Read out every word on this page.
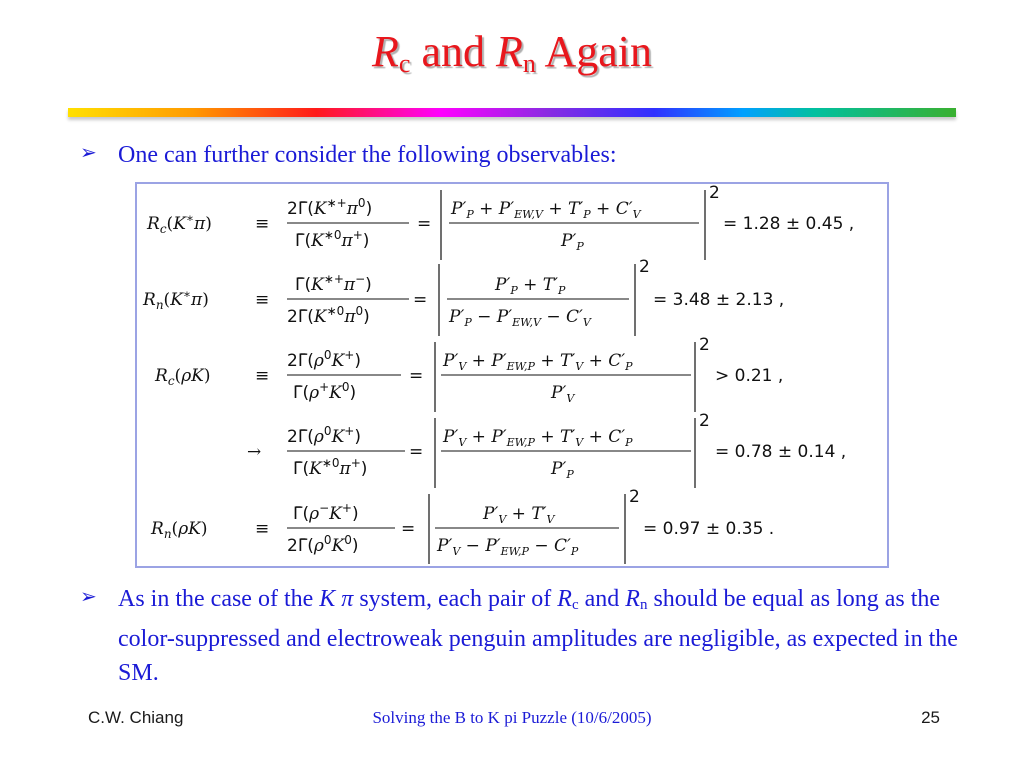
$R_c$ and $R_n$ Again
➢ One can further consider the following observables:
$R_c(K^∗\pi)$	≡
$2\Gammā(K^{∗+}\pi^0)$
$\Gammā(K^{∗0}\pi^+)$
=
$P'_P + P'_{EW,V} + T'_P + C'_V$
$P'_P$
2
= 1.28 ± 0.45 ,
$R_n(K^∗\pi)$	≡
Γ̄(K∗+π−)
$2\Gammā(K^{∗0}\pi^0)$
=
$P'_P + T'_P$
$P'_P - P'_{EW,V} - C'_V$
2
= 3.48 ± 2.13 ,
$R_c(\rho K)$	≡
$2\Gammā(\rho^0K^+)$
$\Gammā(\rho^+K^0)$
=
$P'_V + P'_{EW,P} + T'_V + C'_P$
$P'_V$
2
> 0.21 ,
→
$2\Gammā(\rho^0K^+)$
$\Gammā(K^{∗0}\pi^+)$
=
$P'_V + P'_{EW,P} + T'_V + C'_P$
$P'_P$
2
= 0.78 ± 0.14 ,
$R_n(\rho K)$	≡
Γ̄(ρ−K+)
$2\Gammā(\rho^0K^0)$
=
$P'_V + T'_V$
$P'_V - P'_{EW,P} - C'_P$
2
= 0.97 ± 0.35 .
➢ As in the case of the K π system, each pair of $R_c$ and $R_n$ should be equal as long as the color-suppressed and electroweak penguin amplitudes are negligible, as expected in the SM.
C.W. Chiang	Solving the B to K pi Puzzle (10/6/2005)	25
